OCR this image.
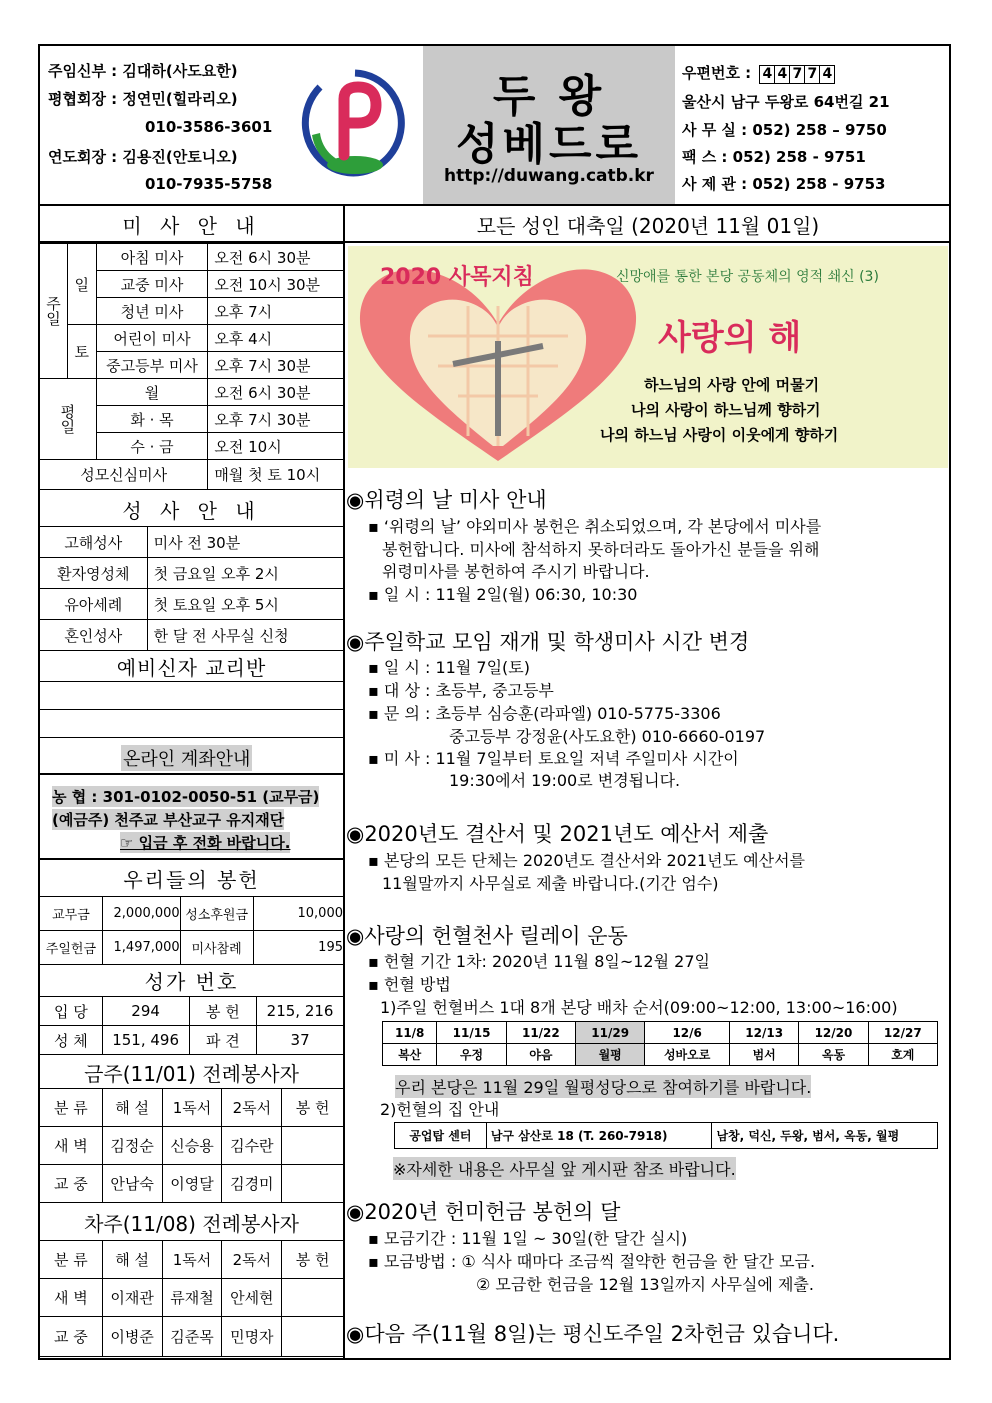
주임신부 : 김대하(사도요한)
평협회장 : 정연민(힐라리오)
010-3586-3601
연도회장 : 김용진(안토니오)
010-7935-5758
두 왕
성베드로
http://duwang.catb.kr
우편번호 : 4 4 7 7 4
울산시 남구 두왕로 64번길 21
사 무 실 : 052) 258 – 9750
팩 스 : 052) 258 - 9751
사 제 관 : 052) 258 - 9753
미 사 안 내
주일	일	아침 미사	오전 6시 30분
		교중 미사	오전 10시 30분
		청년 미사	오후 7시
	토	어린이 미사	오후 4시
		중고등부 미사	오후 7시 30분

평일		월	오전 6시 30분
		화 · 목	오후 7시 30분
		수 · 금	오전 10시
성모신심미사			매월 첫 토 10시
성 사 안 내
고해성사	미사 전 30분
환자영성체	첫 금요일 오후 2시
유아세례	첫 토요일 오후 5시
혼인성사	한 달 전 사무실 신청
예비신자 교리반

온라인 계좌안내
농 협 : 301-0102-0050-51 (교무금)
(예금주) 천주교 부산교구 유지재단
☞ 입금 후 전화 바랍니다.
우리들의 봉헌
교무금	2,000,000	성소후원금	10,000
주일헌금	1,497,000	미사참례	195
성가 번호
입 당	294	봉 헌	215, 216
성 체	151, 496	파 견	37
금주(11/01) 전례봉사자
분 류	해 설	1독서	2독서	봉 헌
새 벽	김정순	신승용	김수란	
교 중	안남숙	이영달	김경미	
차주(11/08) 전례봉사자
분 류	해 설	1독서	2독서	봉 헌
새 벽	이재관	류재철	안세현	
교 중	이병준	김준목	민명자	
모든 성인 대축일 (2020년 11월 01일)
2020 사목지침	신망애를 통한 본당 공동체의 영적 쇄신 (3)
사랑의 해
하느님의 사랑 안에 머물기
나의 사랑이 하느님께 향하기
나의 하느님 사랑이 이웃에게 향하기
◉위령의 날 미사 안내
▪ ‘위령의 날’ 야외미사 봉헌은 취소되었으며, 각 본당에서 미사를
봉헌합니다. 미사에 참석하지 못하더라도 돌아가신 분들을 위해
위령미사를 봉헌하여 주시기 바랍니다.
▪ 일 시 : 11월 2일(월) 06:30, 10:30
◉주일학교 모임 재개 및 학생미사 시간 변경
▪ 일 시 : 11월 7일(토)
▪ 대 상 : 초등부, 중고등부
▪ 문 의 : 초등부 심승훈(라파엘) 010-5775-3306
중고등부 강정윤(사도요한) 010-6660-0197
▪ 미 사 : 11월 7일부터 토요일 저녁 주일미사 시간이
19:30에서 19:00로 변경됩니다.
◉2020년도 결산서 및 2021년도 예산서 제출
▪ 본당의 모든 단체는 2020년도 결산서와 2021년도 예산서를
11월말까지 사무실로 제출 바랍니다.(기간 엄수)
◉사랑의 헌혈천사 릴레이 운동
▪ 헌혈 기간 1차: 2020년 11월 8일~12월 27일
▪ 헌혈 방법
1)주일 헌혈버스 1대 8개 본당 배차 순서(09:00~12:00, 13:00~16:00)
11/8	11/15	11/22	11/29	12/6	12/13	12/20	12/27
복산	우정	야음	월평	성바오로	범서	옥동	호계
우리 본당은 11월 29일 월평성당으로 참여하기를 바랍니다.
2)헌혈의 집 안내
공업탑 센터	남구 삼산로 18 (T. 260-7918)	남창, 덕신, 두왕, 범서, 옥동, 월평
※자세한 내용은 사무실 앞 게시판 참조 바랍니다.
◉2020년 헌미헌금 봉헌의 달
▪ 모금기간 : 11월 1일 ~ 30일(한 달간 실시)
▪ 모금방법 : ① 식사 때마다 조금씩 절약한 헌금을 한 달간 모금.
② 모금한 헌금을 12월 13일까지 사무실에 제출.
◉다음 주(11월 8일)는 평신도주일 2차헌금 있습니다.
